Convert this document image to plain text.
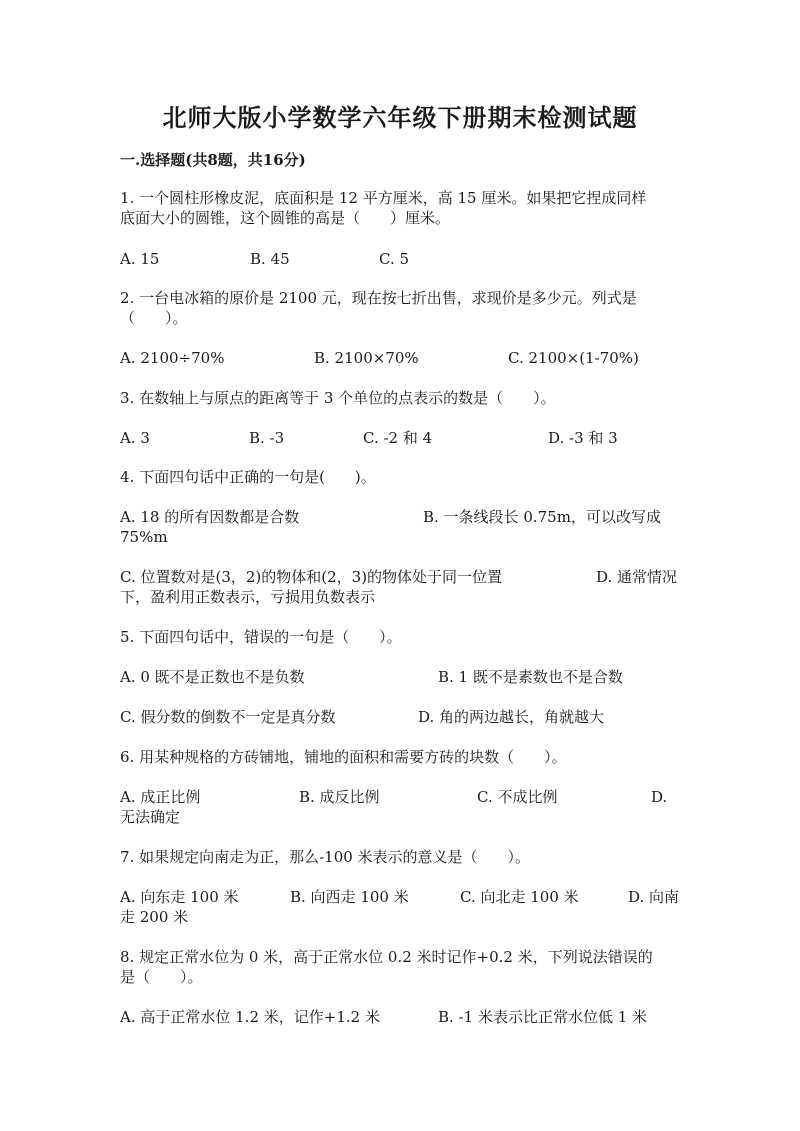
北师大版小学数学六年级下册期末检测试题
一.选择题(共8题，共16分)
1. 一个圆柱形橡皮泥，底面积是 12 平方厘米，高 15 厘米。如果把它捏成同样
底面大小的圆锥，这个圆锥的高是（　　）厘米。
A. 15	B. 45	C. 5
2. 一台电冰箱的原价是 2100 元，现在按七折出售，求现价是多少元。列式是
（　　）。
A. 2100÷70%	B. 2100×70%	C. 2100×(1-70%)
3. 在数轴上与原点的距离等于 3 个单位的点表示的数是（　　）。
A. 3	B. -3	C. -2 和 4	D. -3 和 3
4. 下面四句话中正确的一句是(　　)。
A. 18 的所有因数都是合数	B. 一条线段长 0.75m，可以改写成
75%m
C. 位置数对是(3，2)的物体和(2，3)的物体处于同一位置	D. 通常情况
下，盈利用正数表示，亏损用负数表示
5. 下面四句话中，错误的一句是（　　）。
A. 0 既不是正数也不是负数	B. 1 既不是素数也不是合数
C. 假分数的倒数不一定是真分数	D. 角的两边越长，角就越大
6. 用某种规格的方砖铺地，铺地的面积和需要方砖的块数（　　）。
A. 成正比例	B. 成反比例	C. 不成比例	D.
无法确定
7. 如果规定向南走为正，那么-100 米表示的意义是（　　）。
A. 向东走 100 米	B. 向西走 100 米	C. 向北走 100 米	D. 向南
走 200 米
8. 规定正常水位为 0 米，高于正常水位 0.2 米时记作+0.2 米，下列说法错误的
是（　　）。
A. 高于正常水位 1.2 米，记作+1.2 米	B. -1 米表示比正常水位低 1 米
